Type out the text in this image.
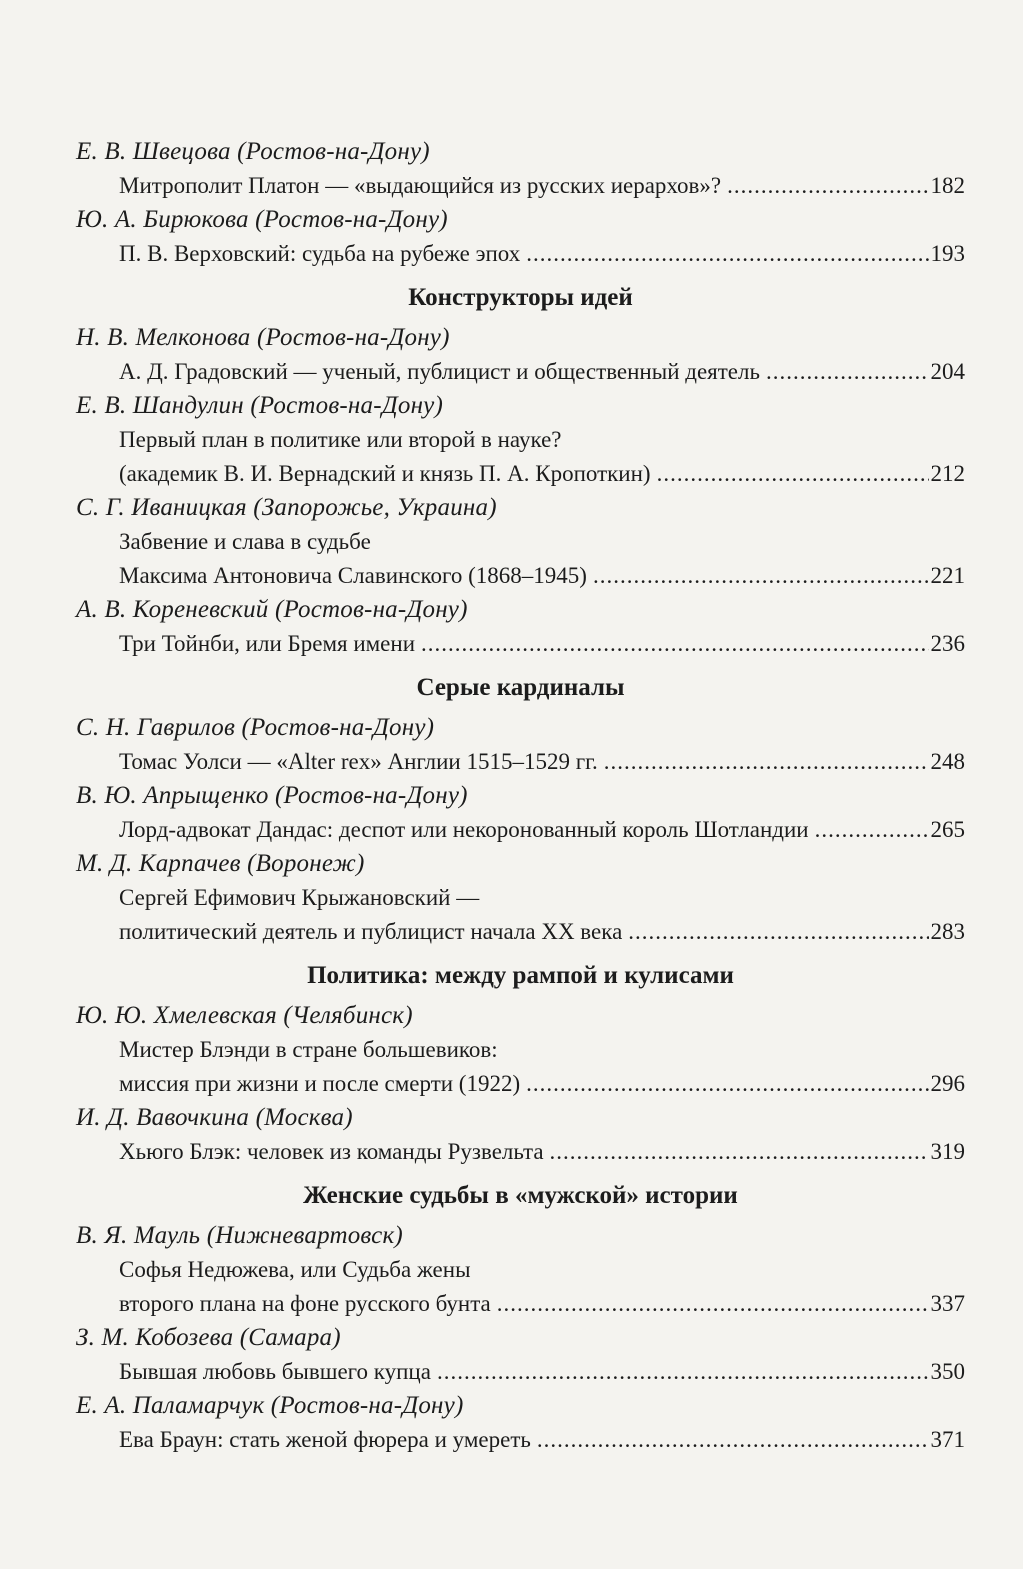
Е. В. Швецова (Ростов-на-Дону)
Митрополит Платон — «выдающийся из русских иерархов»? .....	182
Ю. А. Бирюкова (Ростов-на-Дону)
П. В. Верховский: судьба на рубеже эпох .....	193
Конструкторы идей
Н. В. Мелконова (Ростов-на-Дону)
А. Д. Градовский — ученый, публицист и общественный деятель .....	204
Е. В. Шандулин (Ростов-на-Дону)
Первый план в политике или второй в науке?
(академик В. И. Вернадский и князь П. А. Кропоткин) .....	212
С. Г. Иваницкая (Запорожье, Украина)
Забвение и слава в судьбе
Максима Антоновича Славинского (1868–1945) .....	221
А. В. Кореневский (Ростов-на-Дону)
Три Тойнби, или Бремя имени .....	236
Серые кардиналы
С. Н. Гаврилов (Ростов-на-Дону)
Томас Уолси — «Alter rex» Англии 1515–1529 гг. .....	248
В. Ю. Апрыщенко (Ростов-на-Дону)
Лорд-адвокат Дандас: деспот или некоронованный король Шотландии .....	265
М. Д. Карпачев (Воронеж)
Сергей Ефимович Крыжановский —
политический деятель и публицист начала XX века .....	283
Политика: между рампой и кулисами
Ю. Ю. Хмелевская (Челябинск)
Мистер Блэнди в стране большевиков:
миссия при жизни и после смерти (1922) .....	296
И. Д. Вавочкина (Москва)
Хьюго Блэк: человек из команды Рузвельта .....	319
Женские судьбы в «мужской» истории
В. Я. Мауль (Нижневартовск)
Софья Недюжева, или Судьба жены
второго плана на фоне русского бунта .....	337
З. М. Кобозева (Самара)
Бывшая любовь бывшего купца .....	350
Е. А. Паламарчук (Ростов-на-Дону)
Ева Браун: стать женой фюрера и умереть .....	371
